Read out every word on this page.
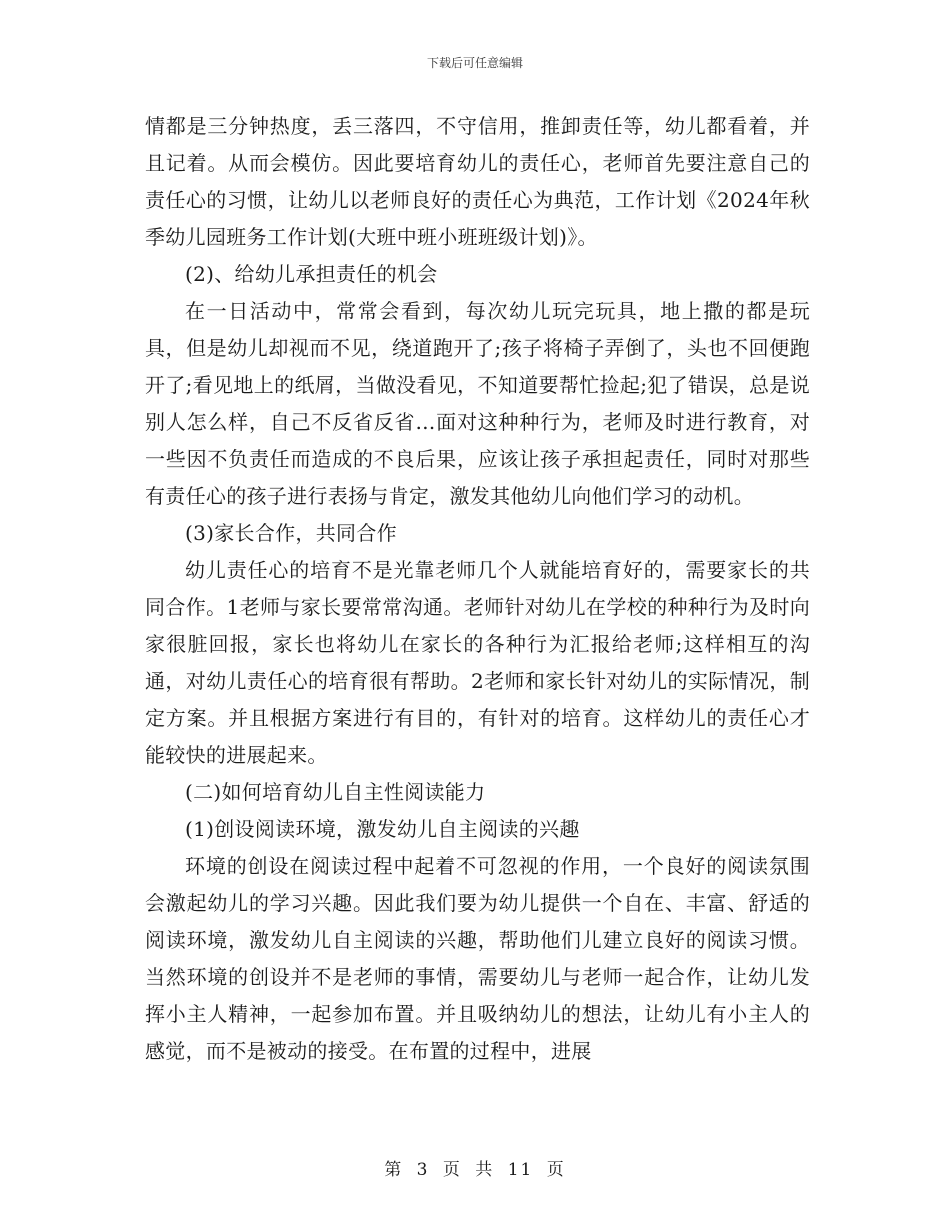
下载后可任意编辑

情都是三分钟热度，丢三落四，不守信用，推卸责任等，幼儿都看着，并且记着。从而会模仿。因此要培育幼儿的责任心，老师首先要注意自己的责任心的习惯，让幼儿以老师良好的责任心为典范，工作计划《2024年秋季幼儿园班务工作计划(大班中班小班班级计划)》。

(2)、给幼儿承担责任的机会

在一日活动中，常常会看到，每次幼儿玩完玩具，地上撒的都是玩具，但是幼儿却视而不见，绕道跑开了;孩子将椅子弄倒了，头也不回便跑开了;看见地上的纸屑，当做没看见，不知道要帮忙捡起;犯了错误，总是说别人怎么样，自己不反省反省…面对这种种行为，老师及时进行教育，对一些因不负责任而造成的不良后果，应该让孩子承担起责任，同时对那些有责任心的孩子进行表扬与肯定，激发其他幼儿向他们学习的动机。

(3)家长合作，共同合作

幼儿责任心的培育不是光靠老师几个人就能培育好的，需要家长的共同合作。1老师与家长要常常沟通。老师针对幼儿在学校的种种行为及时向家很脏回报，家长也将幼儿在家长的各种行为汇报给老师;这样相互的沟通，对幼儿责任心的培育很有帮助。2老师和家长针对幼儿的实际情况，制定方案。并且根据方案进行有目的，有针对的培育。这样幼儿的责任心才能较快的进展起来。

(二)如何培育幼儿自主性阅读能力

(1)创设阅读环境，激发幼儿自主阅读的兴趣

环境的创设在阅读过程中起着不可忽视的作用，一个良好的阅读氛围会激起幼儿的学习兴趣。因此我们要为幼儿提供一个自在、丰富、舒适的阅读环境，激发幼儿自主阅读的兴趣，帮助他们儿建立良好的阅读习惯。当然环境的创设并不是老师的事情，需要幼儿与老师一起合作，让幼儿发挥小主人精神，一起参加布置。并且吸纳幼儿的想法，让幼儿有小主人的感觉，而不是被动的接受。在布置的过程中，进展

第 3 页 共 11 页
